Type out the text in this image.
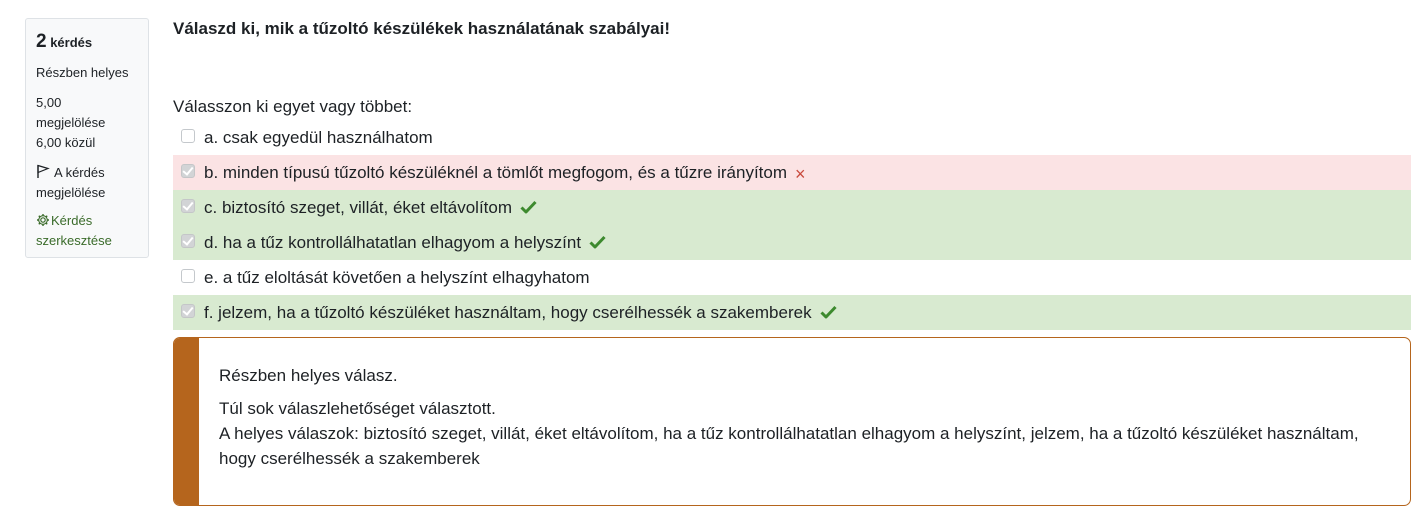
2 kérdés
Részben helyes
5,00
megjelölése
6,00 közül
A kérdés
megjelölése
Kérdés
szerkesztése
Válaszd ki, mik a tűzoltó készülékek használatának szabályai!
Válasszon ki egyet vagy többet:
a. csak egyedül használhatom
b. minden típusú tűzoltó készüléknél a tömlőt megfogom, és a tűzre irányítom ×
c. biztosító szeget, villát, éket eltávolítom
d. ha a tűz kontrollálhatatlan elhagyom a helyszínt
e. a tűz eloltását követően a helyszínt elhagyhatom
f. jelzem, ha a tűzoltó készüléket használtam, hogy cserélhessék a szakemberek
Részben helyes válasz.
Túl sok válaszlehetőséget választott.
A helyes válaszok: biztosító szeget, villát, éket eltávolítom, ha a tűz kontrollálhatatlan elhagyom a helyszínt, jelzem, ha a tűzoltó készüléket használtam,
hogy cserélhessék a szakemberek
